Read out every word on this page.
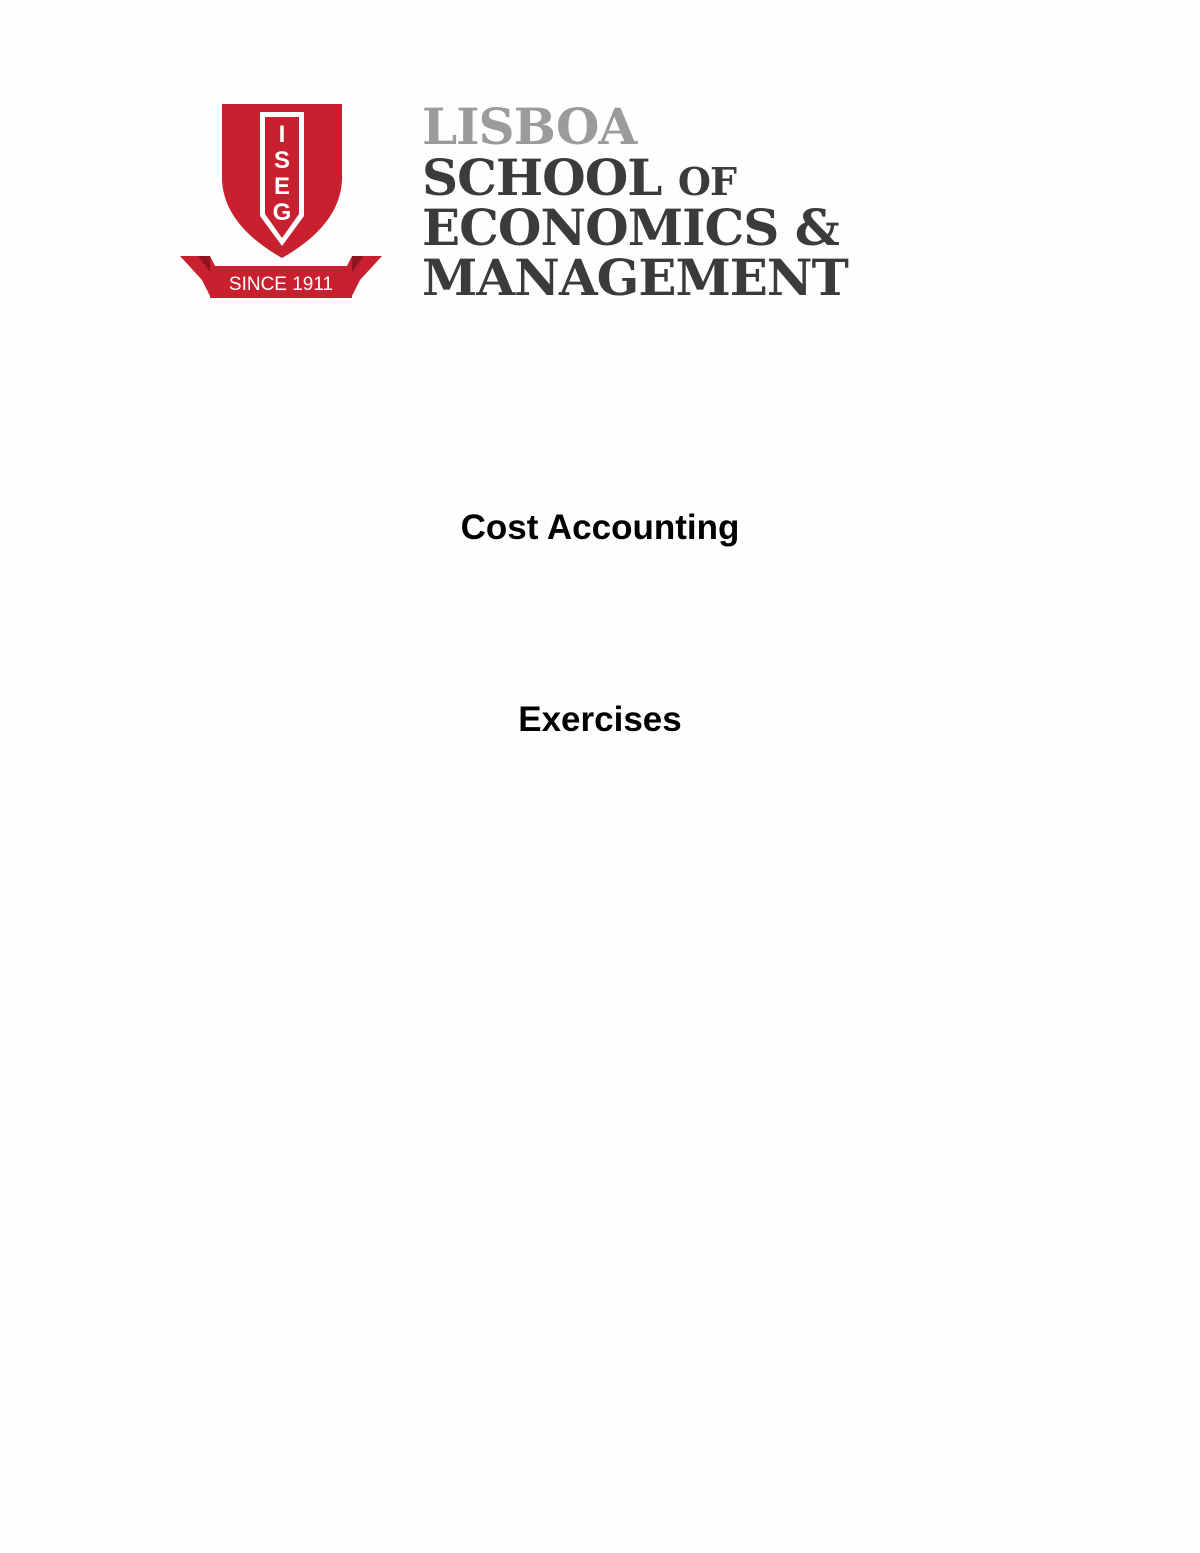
I
S
E
G
SINCE 1911
LISBOA
SCHOOL OF
ECONOMICS &
MANAGEMENT
Cost Accounting
Exercises
